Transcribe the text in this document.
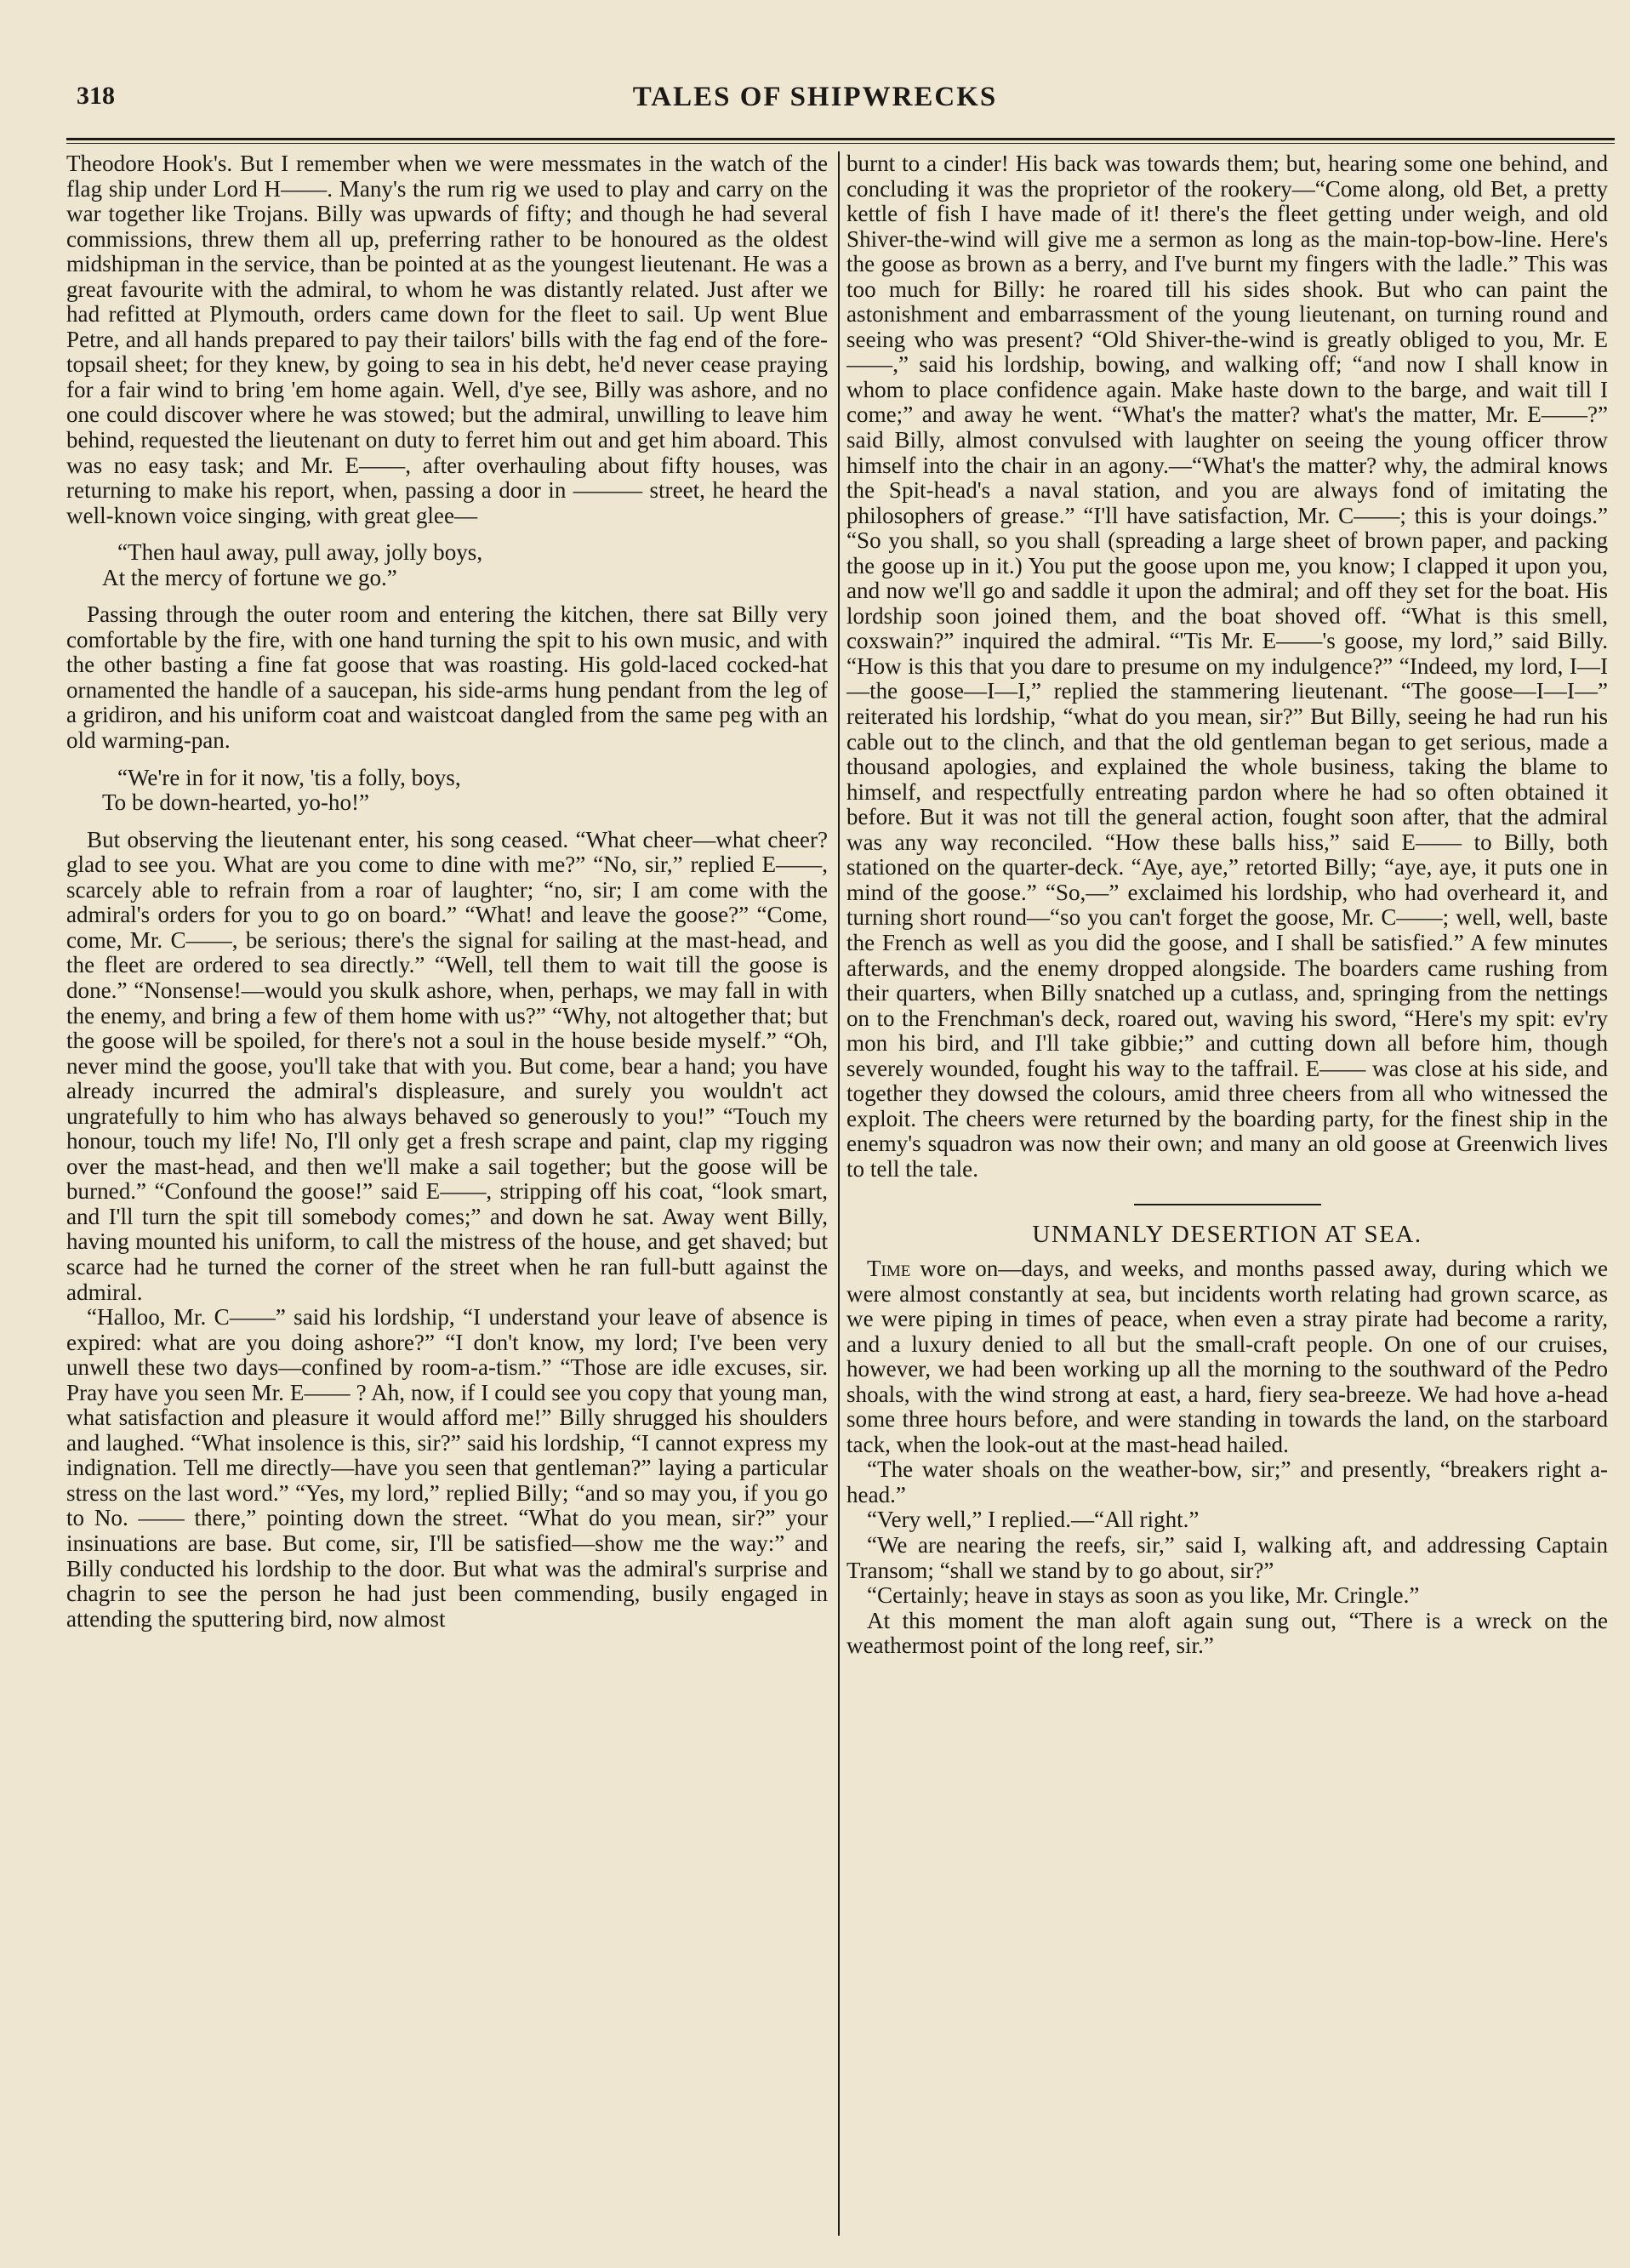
318	TALES OF SHIPWRECKS

Theodore Hook's. But I remember when we were messmates in the watch of the flag ship under Lord H——. Many's the rum rig we used to play and carry on the war together like Trojans. Billy was upwards of fifty; and though he had several commissions, threw them all up, preferring rather to be honoured as the oldest midshipman in the service, than be pointed at as the youngest lieutenant. He was a great favourite with the admiral, to whom he was distantly related. Just after we had refitted at Plymouth, orders came down for the fleet to sail. Up went Blue Petre, and all hands prepared to pay their tailors' bills with the fag end of the fore-topsail sheet; for they knew, by going to sea in his debt, he'd never cease praying for a fair wind to bring 'em home again. Well, d'ye see, Billy was ashore, and no one could discover where he was stowed; but the admiral, unwilling to leave him behind, requested the lieutenant on duty to ferret him out and get him aboard. This was no easy task; and Mr. E——, after overhauling about fifty houses, was returning to make his report, when, passing a door in ——— street, he heard the well-known voice singing, with great glee—

“Then haul away, pull away, jolly boys,
At the mercy of fortune we go.”

Passing through the outer room and entering the kitchen, there sat Billy very comfortable by the fire, with one hand turning the spit to his own music, and with the other basting a fine fat goose that was roasting. His gold-laced cocked-hat ornamented the handle of a saucepan, his side-arms hung pendant from the leg of a gridiron, and his uniform coat and waistcoat dangled from the same peg with an old warming-pan.

“We're in for it now, 'tis a folly, boys,
To be down-hearted, yo-ho!”

But observing the lieutenant enter, his song ceased. “What cheer—what cheer? glad to see you. What are you come to dine with me?” “No, sir,” replied E——, scarcely able to refrain from a roar of laughter; “no, sir; I am come with the admiral's orders for you to go on board.” “What! and leave the goose?” “Come, come, Mr. C——, be serious; there's the signal for sailing at the mast-head, and the fleet are ordered to sea directly.” “Well, tell them to wait till the goose is done.” “Nonsense!—would you skulk ashore, when, perhaps, we may fall in with the enemy, and bring a few of them home with us?” “Why, not altogether that; but the goose will be spoiled, for there's not a soul in the house beside myself.” “Oh, never mind the goose, you'll take that with you. But come, bear a hand; you have already incurred the admiral's displeasure, and surely you wouldn't act ungratefully to him who has always behaved so generously to you!” “Touch my honour, touch my life! No, I'll only get a fresh scrape and paint, clap my rigging over the mast-head, and then we'll make a sail together; but the goose will be burned.” “Confound the goose!” said E——, stripping off his coat, “look smart, and I'll turn the spit till somebody comes;” and down he sat. Away went Billy, having mounted his uniform, to call the mistress of the house, and get shaved; but scarce had he turned the corner of the street when he ran full-butt against the admiral.

“Halloo, Mr. C——” said his lordship, “I understand your leave of absence is expired: what are you doing ashore?” “I don't know, my lord; I've been very unwell these two days—confined by room-a-tism.” “Those are idle excuses, sir. Pray have you seen Mr. E—— ? Ah, now, if I could see you copy that young man, what satisfaction and pleasure it would afford me!” Billy shrugged his shoulders and laughed. “What insolence is this, sir?” said his lordship, “I cannot express my indignation. Tell me directly—have you seen that gentleman?” laying a particular stress on the last word.” “Yes, my lord,” replied Billy; “and so may you, if you go to No. —— there,” pointing down the street. “What do you mean, sir?” your insinuations are base. But come, sir, I'll be satisfied—show me the way:” and Billy conducted his lordship to the door. But what was the admiral's surprise and chagrin to see the person he had just been commending, busily engaged in attending the sputtering bird, now almost

burnt to a cinder! His back was towards them; but, hearing some one behind, and concluding it was the proprietor of the rookery—“Come along, old Bet, a pretty kettle of fish I have made of it! there's the fleet getting under weigh, and old Shiver-the-wind will give me a sermon as long as the main-top-bow-line. Here's the goose as brown as a berry, and I've burnt my fingers with the ladle.” This was too much for Billy: he roared till his sides shook. But who can paint the astonishment and embarrassment of the young lieutenant, on turning round and seeing who was present? “Old Shiver-the-wind is greatly obliged to you, Mr. E——,” said his lordship, bowing, and walking off; “and now I shall know in whom to place confidence again. Make haste down to the barge, and wait till I come;” and away he went. “What's the matter? what's the matter, Mr. E——?” said Billy, almost convulsed with laughter on seeing the young officer throw himself into the chair in an agony.—“What's the matter? why, the admiral knows the Spit-head's a naval station, and you are always fond of imitating the philosophers of grease.” “I'll have satisfaction, Mr. C——; this is your doings.” “So you shall, so you shall (spreading a large sheet of brown paper, and packing the goose up in it.) You put the goose upon me, you know; I clapped it upon you, and now we'll go and saddle it upon the admiral; and off they set for the boat. His lordship soon joined them, and the boat shoved off. “What is this smell, coxswain?” inquired the admiral. “'Tis Mr. E——'s goose, my lord,” said Billy. “How is this that you dare to presume on my indulgence?” “Indeed, my lord, I—I—the goose—I—I,” replied the stammering lieutenant. “The goose—I—I—” reiterated his lordship, “what do you mean, sir?” But Billy, seeing he had run his cable out to the clinch, and that the old gentleman began to get serious, made a thousand apologies, and explained the whole business, taking the blame to himself, and respectfully entreating pardon where he had so often obtained it before. But it was not till the general action, fought soon after, that the admiral was any way reconciled. “How these balls hiss,” said E—— to Billy, both stationed on the quarter-deck. “Aye, aye,” retorted Billy; “aye, aye, it puts one in mind of the goose.” “So,—” exclaimed his lordship, who had overheard it, and turning short round—“so you can't forget the goose, Mr. C——; well, well, baste the French as well as you did the goose, and I shall be satisfied.” A few minutes afterwards, and the enemy dropped alongside. The boarders came rushing from their quarters, when Billy snatched up a cutlass, and, springing from the nettings on to the Frenchman's deck, roared out, waving his sword, “Here's my spit: ev'ry mon his bird, and I'll take gibbie;” and cutting down all before him, though severely wounded, fought his way to the taffrail. E—— was close at his side, and together they dowsed the colours, amid three cheers from all who witnessed the exploit. The cheers were returned by the boarding party, for the finest ship in the enemy's squadron was now their own; and many an old goose at Greenwich lives to tell the tale.

UNMANLY DESERTION AT SEA.

Time wore on—days, and weeks, and months passed away, during which we were almost constantly at sea, but incidents worth relating had grown scarce, as we were piping in times of peace, when even a stray pirate had become a rarity, and a luxury denied to all but the small-craft people. On one of our cruises, however, we had been working up all the morning to the southward of the Pedro shoals, with the wind strong at east, a hard, fiery sea-breeze. We had hove a-head some three hours before, and were standing in towards the land, on the starboard tack, when the look-out at the mast-head hailed.

“The water shoals on the weather-bow, sir;” and presently, “breakers right a-head.”

“Very well,” I replied.—“All right.”

“We are nearing the reefs, sir,” said I, walking aft, and addressing Captain Transom; “shall we stand by to go about, sir?”

“Certainly; heave in stays as soon as you like, Mr. Cringle.”

At this moment the man aloft again sung out, “There is a wreck on the weathermost point of the long reef, sir.”
